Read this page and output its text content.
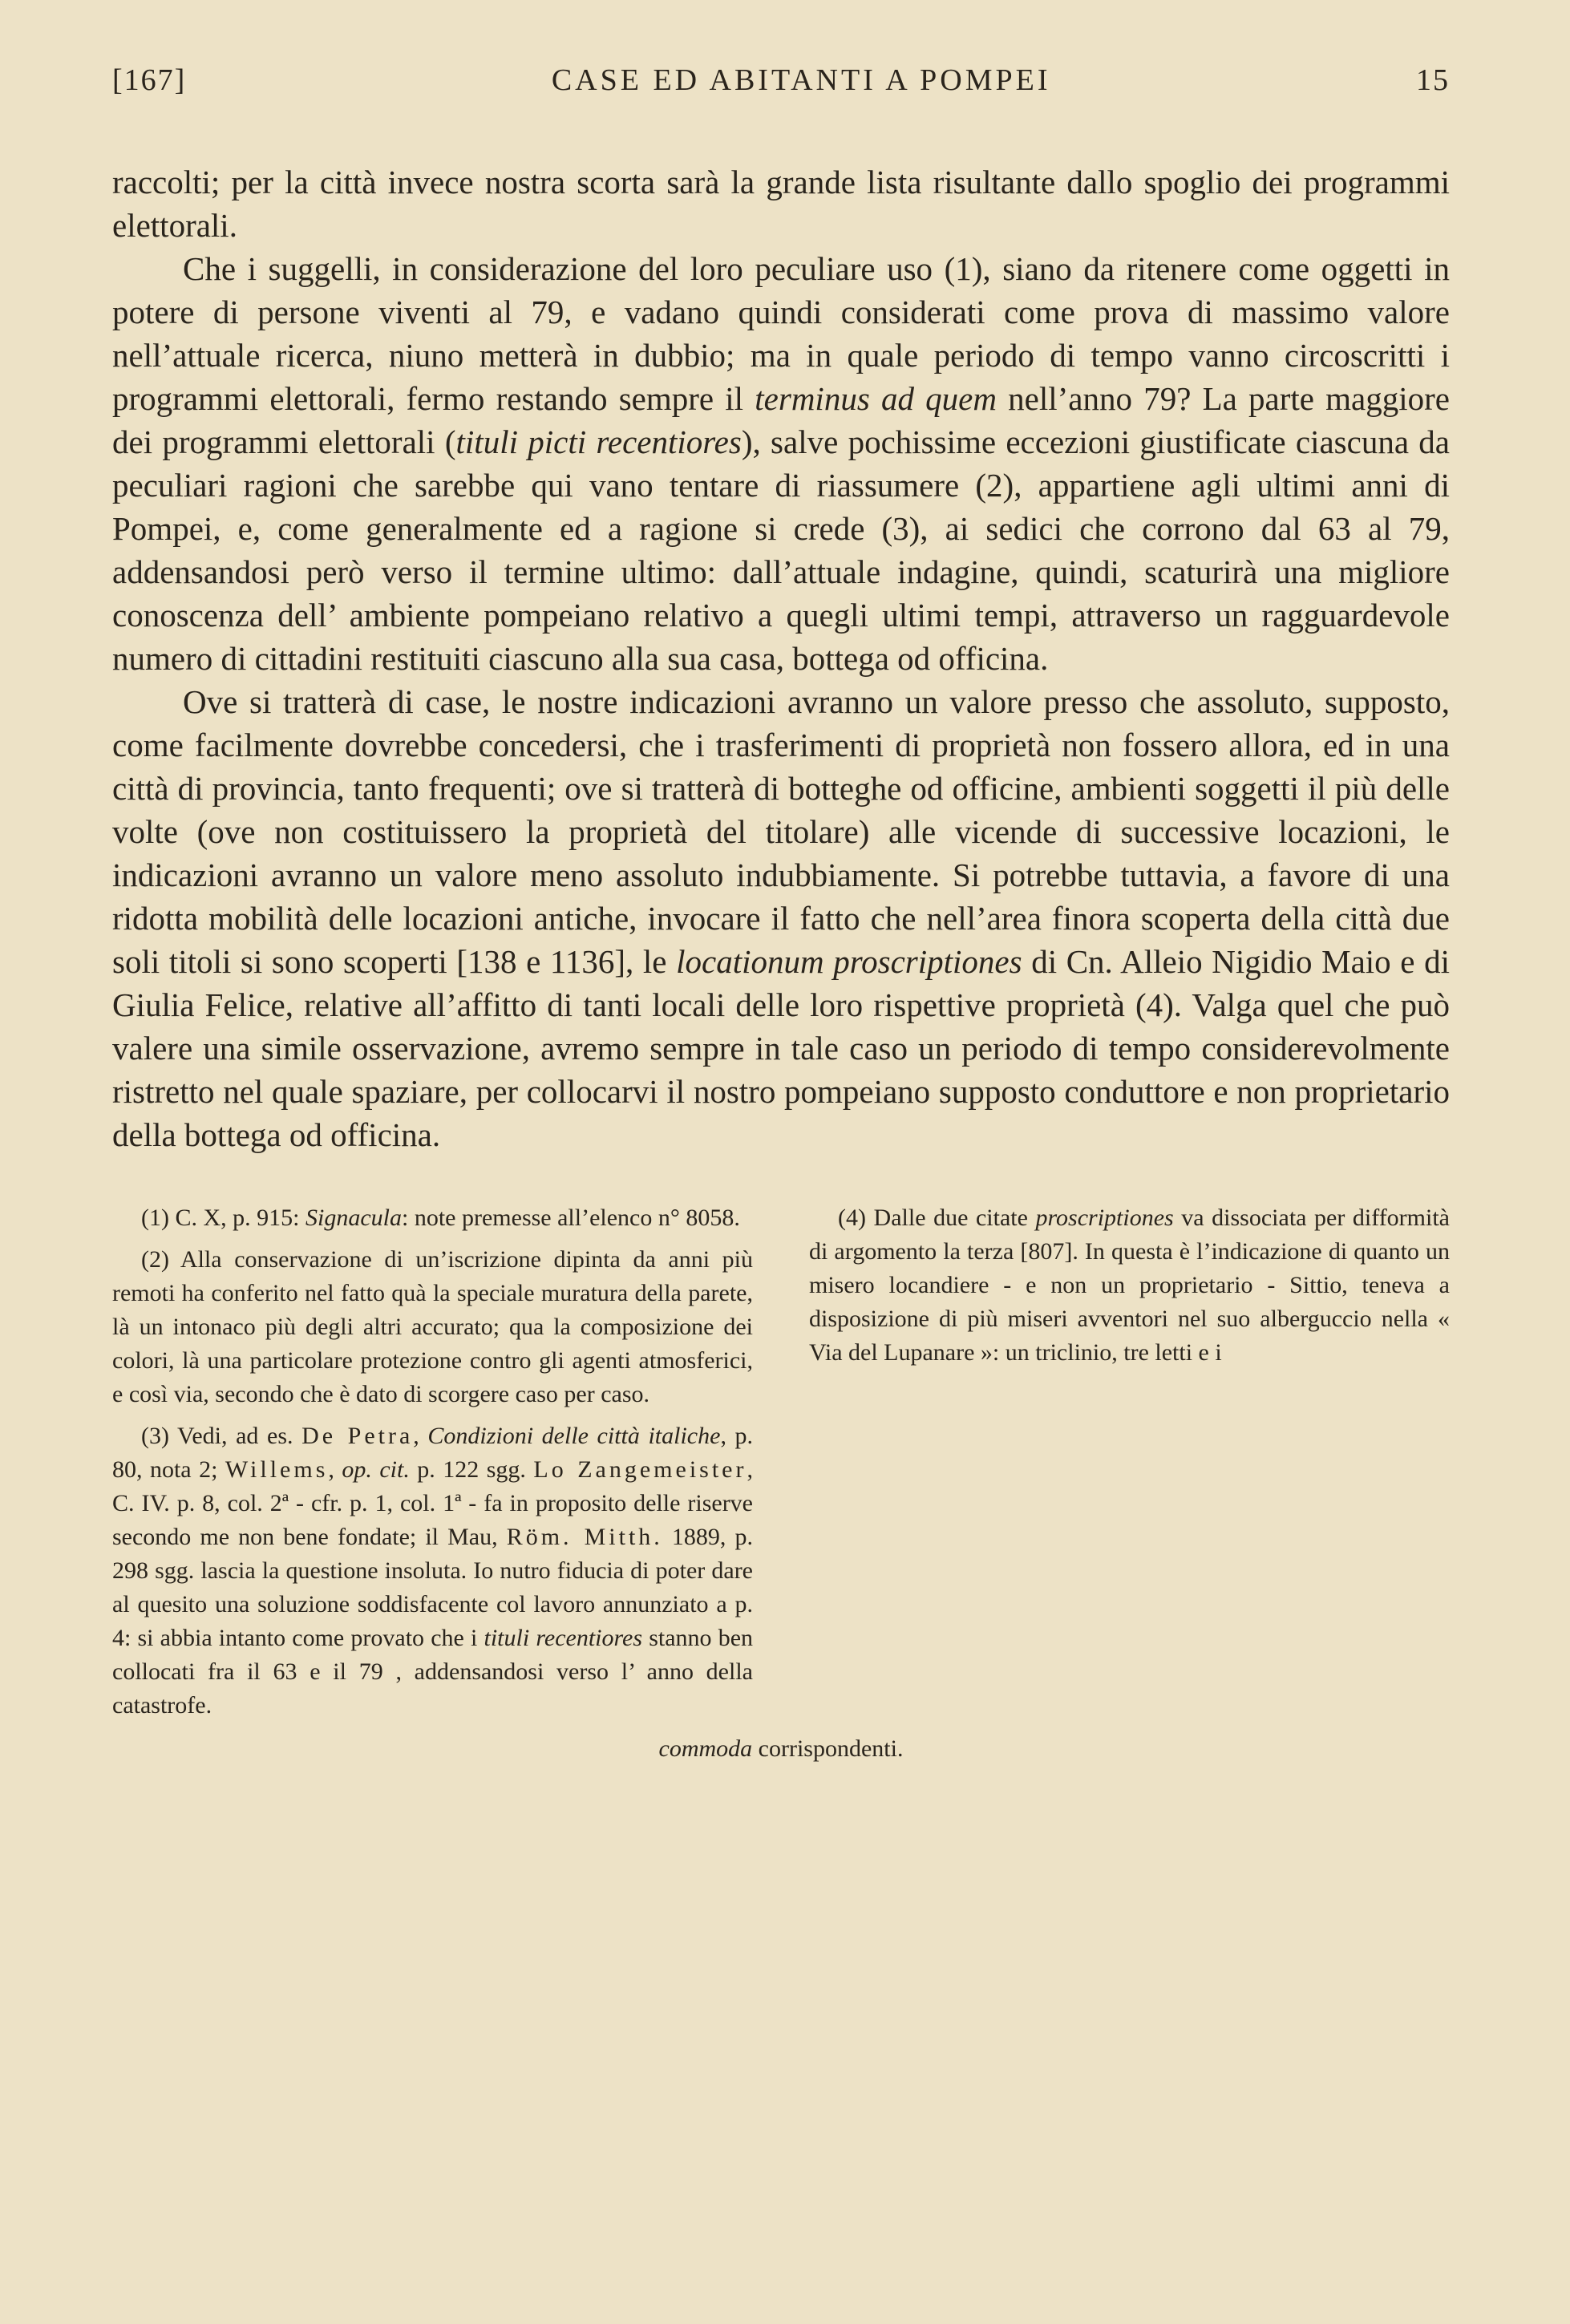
[167]	CASE ED ABITANTI A POMPEI	15

raccolti; per la città invece nostra scorta sarà la grande lista risultante dallo spoglio dei programmi elettorali.

Che i suggelli, in considerazione del loro peculiare uso (1), siano da ritenere come oggetti in potere di persone viventi al 79, e vadano quindi considerati come prova di massimo valore nell’attuale ricerca, niuno metterà in dubbio; ma in quale periodo di tempo vanno circoscritti i programmi elettorali, fermo restando sempre il terminus ad quem nell’anno 79? La parte maggiore dei programmi elettorali (tituli picti recentiores), salve pochissime eccezioni giustificate ciascuna da peculiari ragioni che sarebbe qui vano tentare di riassumere (2), appartiene agli ultimi anni di Pompei, e, come generalmente ed a ragione si crede (3), ai sedici che corrono dal 63 al 79, addensandosi però verso il termine ultimo: dall’attuale indagine, quindi, scaturirà una migliore conoscenza dell’ ambiente pompeiano relativo a quegli ultimi tempi, attraverso un ragguardevole numero di cittadini restituiti ciascuno alla sua casa, bottega od officina.

Ove si tratterà di case, le nostre indicazioni avranno un valore presso che assoluto, supposto, come facilmente dovrebbe concedersi, che i trasferimenti di proprietà non fossero allora, ed in una città di provincia, tanto frequenti; ove si tratterà di botteghe od officine, ambienti soggetti il più delle volte (ove non costituissero la proprietà del titolare) alle vicende di successive locazioni, le indicazioni avranno un valore meno assoluto indubbiamente. Si potrebbe tuttavia, a favore di una ridotta mobilità delle locazioni antiche, invocare il fatto che nell’area finora scoperta della città due soli titoli si sono scoperti [138 e 1136], le locationum proscriptiones di Cn. Alleio Nigidio Maio e di Giulia Felice, relative all’affitto di tanti locali delle loro rispettive proprietà (4). Valga quel che può valere una simile osservazione, avremo sempre in tale caso un periodo di tempo considerevolmente ristretto nel quale spaziare, per collocarvi il nostro pompeiano supposto conduttore e non proprietario della bottega od officina.

(1) C. X, p. 915: Signacula: note premesse all’elenco n° 8058.

(2) Alla conservazione di un’iscrizione dipinta da anni più remoti ha conferito nel fatto quà la speciale muratura della parete, là un intonaco più degli altri accurato; qua la composizione dei colori, là una particolare protezione contro gli agenti atmosferici, e così via, secondo che è dato di scorgere caso per caso.

(3) Vedi, ad es. De Petra, Condizioni delle città italiche, p. 80, nota 2; Willems, op. cit. p. 122 sgg. Lo Zangemeister, C. IV. p. 8, col. 2ª - cfr. p. 1, col. 1ª - fa in proposito delle riserve secondo me non bene fondate; il Mau, Röm. Mitth. 1889, p. 298 sgg. lascia la questione insoluta. Io nutro fiducia di poter dare al quesito una soluzione soddisfacente col lavoro annunziato a p. 4: si abbia intanto come provato che i tituli recentiores stanno ben collocati fra il 63 e il 79 , addensandosi verso l’ anno della catastrofe.

(4) Dalle due citate proscriptiones va dissociata per difformità di argomento la terza [807]. In questa è l’indicazione di quanto un misero locandiere - e non un proprietario - Sittio, teneva a disposizione di più miseri avventori nel suo alberguccio nella « Via del Lupanare »: un triclinio, tre letti e i

commoda corrispondenti.
